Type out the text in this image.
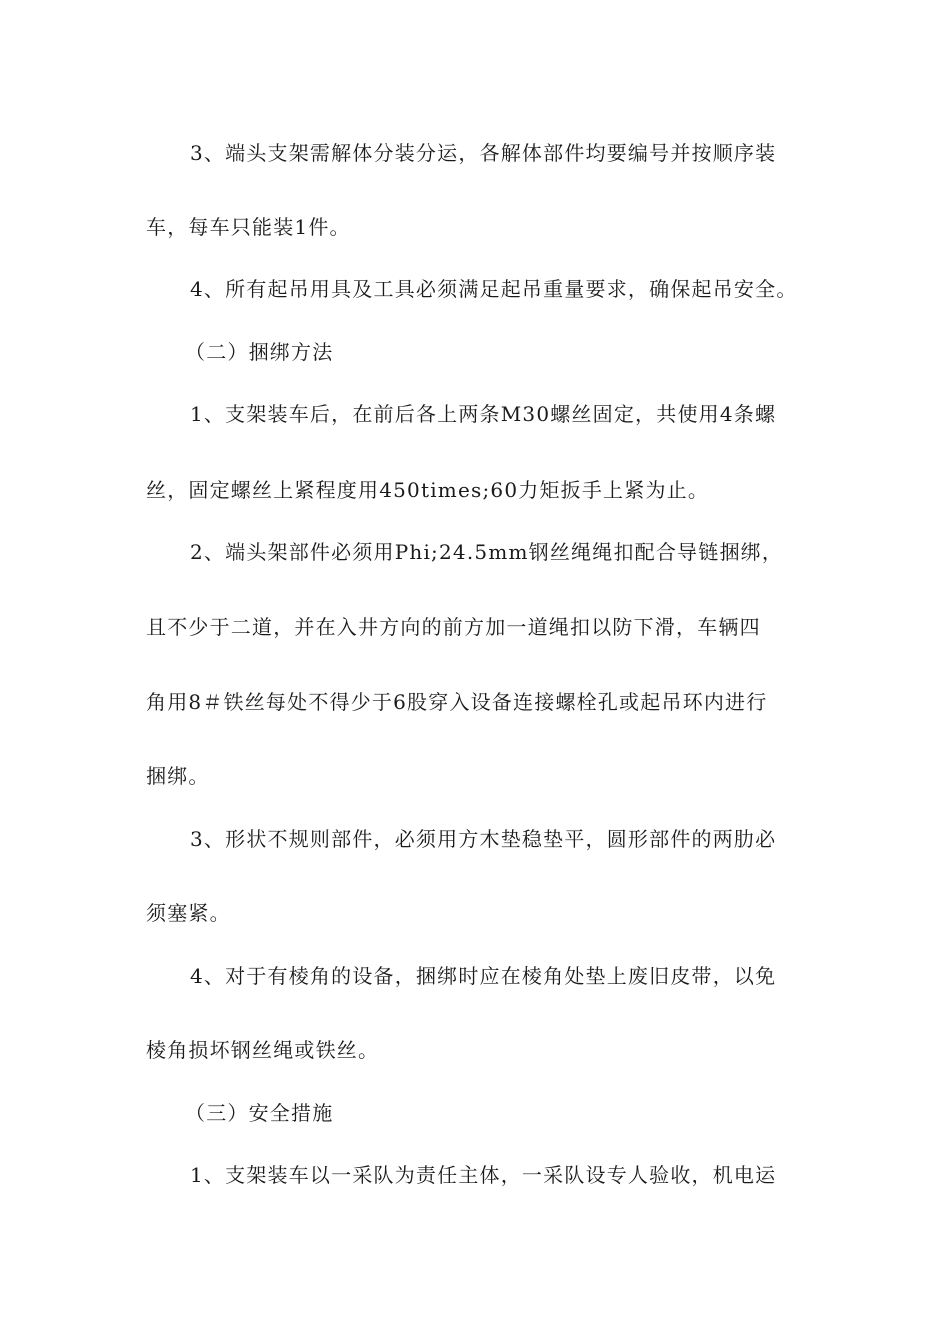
3、端头支架需解体分装分运，各解体部件均要编号并按顺序装
车，每车只能装1件。
4、所有起吊用具及工具必须满足起吊重量要求，确保起吊安全。
（二）捆绑方法
1、支架装车后，在前后各上两条M30螺丝固定，共使用4条螺
丝，固定螺丝上紧程度用450times;60力矩扳手上紧为止。
2、端头架部件必须用Phi;24.5mm钢丝绳绳扣配合导链捆绑，
且不少于二道，并在入井方向的前方加一道绳扣以防下滑，车辆四
角用8＃铁丝每处不得少于6股穿入设备连接螺栓孔或起吊环内进行
捆绑。
3、形状不规则部件，必须用方木垫稳垫平，圆形部件的两肋必
须塞紧。
4、对于有棱角的设备，捆绑时应在棱角处垫上废旧皮带，以免
棱角损坏钢丝绳或铁丝。
（三）安全措施
1、支架装车以一采队为责任主体，一采队设专人验收，机电运
